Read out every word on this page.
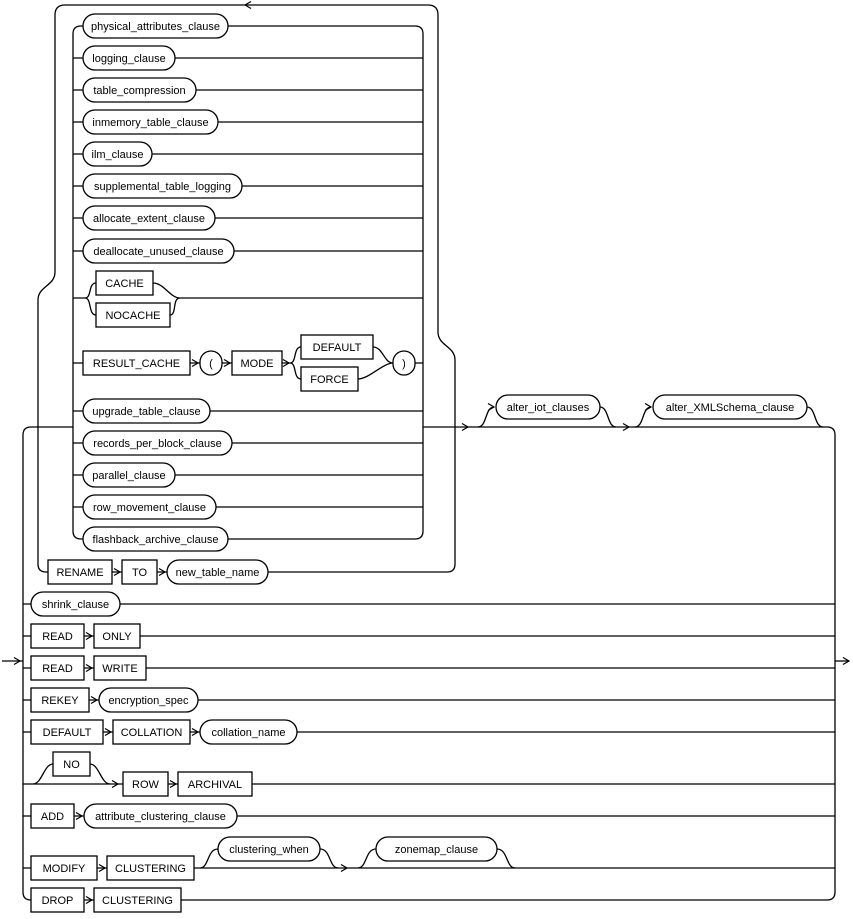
physical_attributes_clause
logging_clause
table_compression
inmemory_table_clause
ilm_clause
supplemental_table_logging
allocate_extent_clause
deallocate_unused_clause
CACHE
NOCACHE
RESULT_CACHE	(	MODE
DEFAULT
FORCE
)
upgrade_table_clause
records_per_block_clause
parallel_clause
row_movement_clause
flashback_archive_clause
alter_iot_clauses	alter_XMLSchema_clause
RENAME	TO	new_table_name
shrink_clause
READ	ONLY
READ	WRITE
REKEY	encryption_spec
DEFAULT	COLLATION	collation_name
NO
ROW	ARCHIVAL
ADD	attribute_clustering_clause
MODIFY	CLUSTERING
clustering_when	zonemap_clause
DROP	CLUSTERING
